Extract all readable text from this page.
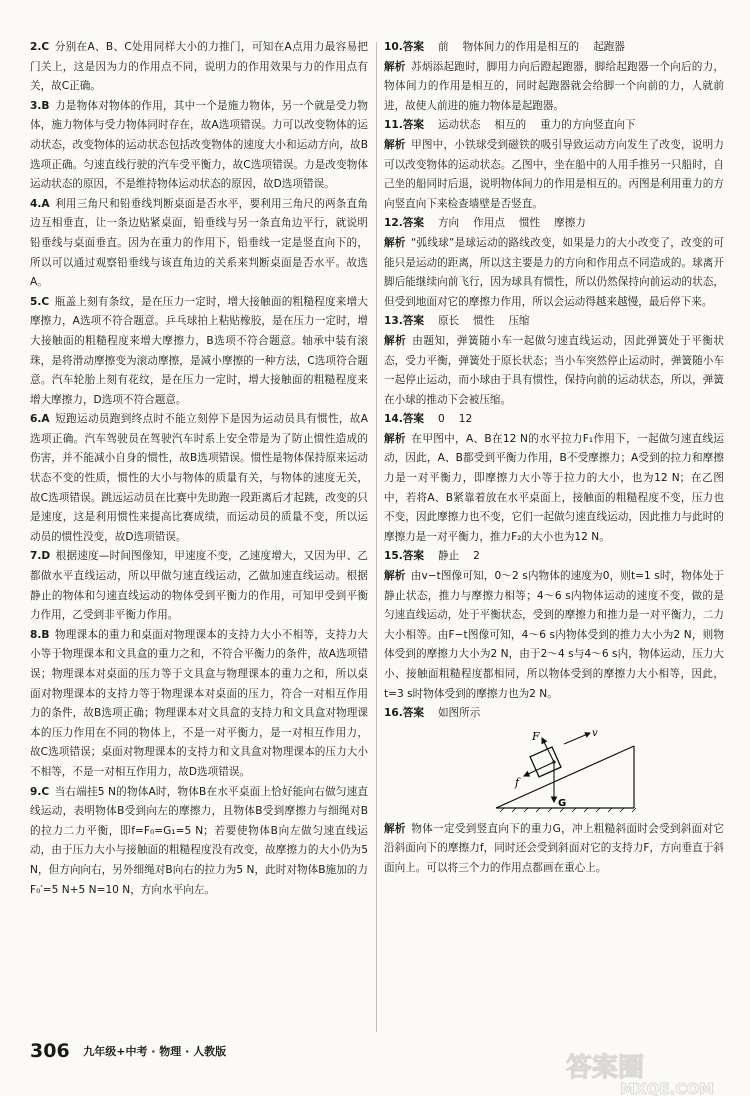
2.C  分别在A、B、C处用同样大小的力推门，可知在A点用力最容易把门关上，这是因为力的作用点不同，说明力的作用效果与力的作用点有关，故C正确。

3.B  力是物体对物体的作用，其中一个是施力物体，另一个就是受力物体，施力物体与受力物体同时存在，故A选项错误。力可以改变物体的运动状态，改变物体的运动状态包括改变物体的速度大小和运动方向，故B选项正确。匀速直线行驶的汽车受平衡力，故C选项错误。力是改变物体运动状态的原因，不是维持物体运动状态的原因，故D选项错误。

4.A  利用三角尺和铅垂线判断桌面是否水平，要利用三角尺的两条直角边互相垂直，让一条边贴紧桌面，铅垂线与另一条直角边平行，就说明铅垂线与桌面垂直。因为在重力的作用下，铅垂线一定是竖直向下的，所以可以通过观察铅垂线与该直角边的关系来判断桌面是否水平。故选A。

5.C  瓶盖上刻有条纹，是在压力一定时，增大接触面的粗糙程度来增大摩擦力，A选项不符合题意。乒乓球拍上粘贴橡胶，是在压力一定时，增大接触面的粗糙程度来增大摩擦力，B选项不符合题意。轴承中装有滚珠，是将滑动摩擦变为滚动摩擦，是减小摩擦的一种方法，C选项符合题意。汽车轮胎上刻有花纹，是在压力一定时，增大接触面的粗糙程度来增大摩擦力，D选项不符合题意。

6.A  短跑运动员跑到终点时不能立刻停下是因为运动员具有惯性，故A选项正确。汽车驾驶员在驾驶汽车时系上安全带是为了防止惯性造成的伤害，并不能减小自身的惯性，故B选项错误。惯性是物体保持原来运动状态不变的性质，惯性的大小与物体的质量有关，与物体的速度无关，故C选项错误。跳远运动员在比赛中先助跑一段距离后才起跳，改变的只是速度，这是利用惯性来提高比赛成绩，而运动员的质量不变，所以运动员的惯性没变，故D选项错误。

7.D  根据速度—时间图像知，甲速度不变，乙速度增大，又因为甲、乙都做水平直线运动，所以甲做匀速直线运动，乙做加速直线运动。根据静止的物体和匀速直线运动的物体受到平衡力的作用，可知甲受到平衡力作用，乙受到非平衡力作用。

8.B  物理课本的重力和桌面对物理课本的支持力大小不相等，支持力大小等于物理课本和文具盒的重力之和，不符合平衡力的条件，故A选项错误；物理课本对桌面的压力等于文具盒与物理课本的重力之和，所以桌面对物理课本的支持力等于物理课本对桌面的压力，符合一对相互作用力的条件，故B选项正确；物理课本对文具盒的支持力和文具盒对物理课本的压力作用在不同的物体上，不是一对平衡力，是一对相互作用力，故C选项错误；桌面对物理课本的支持力和文具盒对物理课本的压力大小不相等，不是一对相互作用力，故D选项错误。

9.C  当右端挂5 N的物体A时，物体B在水平桌面上恰好能向右做匀速直线运动，表明物体B受到向左的摩擦力，且物体B受到摩擦力与细绳对B的拉力二力平衡，即f=F₀=G₁=5 N；若要使物体B向左做匀速直线运动，由于压力大小与接触面的粗糙程度没有改变，故摩擦力的大小仍为5 N，但方向向右，另外细绳对B向右的拉力为5 N，此时对物体B施加的力F₀′=5 N+5 N=10 N，方向水平向左。

10.答案 前 物体间力的作用是相互的 起跑器

解析  苏炳添起跑时，脚用力向后蹬起跑器，脚给起跑器一个向后的力，物体间力的作用是相互的，同时起跑器就会给脚一个向前的力，人就前进，故使人前进的施力物体是起跑器。

11.答案 运动状态 相互的 重力的方向竖直向下

解析  甲图中，小铁球受到磁铁的吸引导致运动方向发生了改变，说明力可以改变物体的运动状态。乙图中，坐在船中的人用手推另一只船时，自己坐的船同时后退，说明物体间力的作用是相互的。丙图是利用重力的方向竖直向下来检查墙壁是否竖直。

12.答案 方向 作用点 惯性 摩擦力

解析  “弧线球”是球运动的路线改变，如果是力的大小改变了，改变的可能只是运动的距离，所以这主要是力的方向和作用点不同造成的。球离开脚后能继续向前飞行，因为球具有惯性，所以仍然保持向前运动的状态，但受到地面对它的摩擦力作用，所以会运动得越来越慢，最后停下来。

13.答案 原长 惯性 压缩

解析  由题知，弹簧随小车一起做匀速直线运动，因此弹簧处于平衡状态，受力平衡，弹簧处于原长状态；当小车突然停止运动时，弹簧随小车一起停止运动，而小球由于具有惯性，保持向前的运动状态，所以，弹簧在小球的推动下会被压缩。

14.答案 0 12

解析  在甲图中，A、B在12 N的水平拉力F₁作用下，一起做匀速直线运动，因此，A、B都受到平衡力作用，B不受摩擦力；A受到的拉力和摩擦力是一对平衡力，即摩擦力大小等于拉力的大小，也为12 N；在乙图中，若将A、B紧靠着放在水平桌面上，接触面的粗糙程度不变，压力也不变，因此摩擦力也不变，它们一起做匀速直线运动，因此推力与此时的摩擦力是一对平衡力，推力F₂的大小也为12 N。

15.答案 静止 2

解析  由v−t图像可知，0～2 s内物体的速度为0，则t=1 s时，物体处于静止状态，推力与摩擦力相等；4～6 s内物体运动的速度不变，做的是匀速直线运动，处于平衡状态，受到的摩擦力和推力是一对平衡力，二力大小相等。由F−t图像可知，4～6 s内物体受到的推力大小为2 N，则物体受到的摩擦力大小为2 N，由于2～4 s与4～6 s内，物体运动，压力大小、接触面粗糙程度都相同，所以物体受到的摩擦力大小相等，因此，t=3 s时物体受到的摩擦力也为2 N。

16.答案 如图所示

F
f
G
v

解析  物体一定受到竖直向下的重力G，冲上粗糙斜面时会受到斜面对它沿斜面向下的摩擦力f，同时还会受到斜面对它的支持力F，方向垂直于斜面向上。可以将三个力的作用点都画在重心上。

306 九年级+中考 · 物理 · 人教版
答案圈
MXQE.COM
